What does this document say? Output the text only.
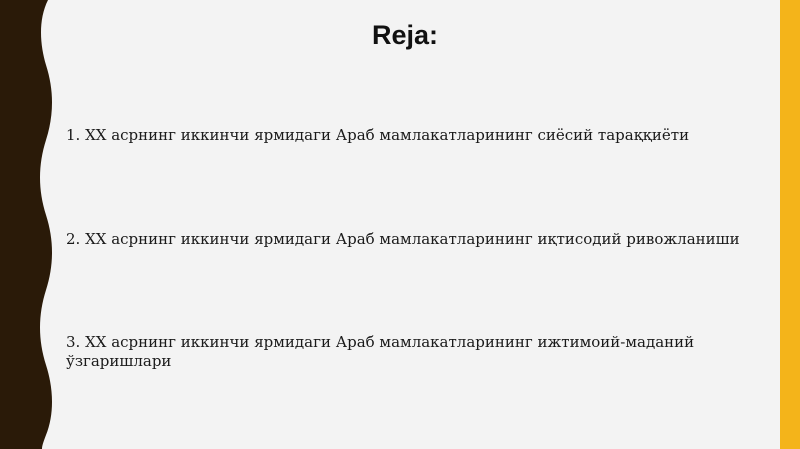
Reja:
1. XX асрнинг иккинчи ярмидаги Араб мамлакатларининг сиёсий тараққиёти
2. XX асрнинг иккинчи ярмидаги Араб мамлакатларининг иқтисодий ривожланиши
3. XX асрнинг иккинчи ярмидаги Араб мамлакатларининг ижтимоий-маданий ўзгаришлари
